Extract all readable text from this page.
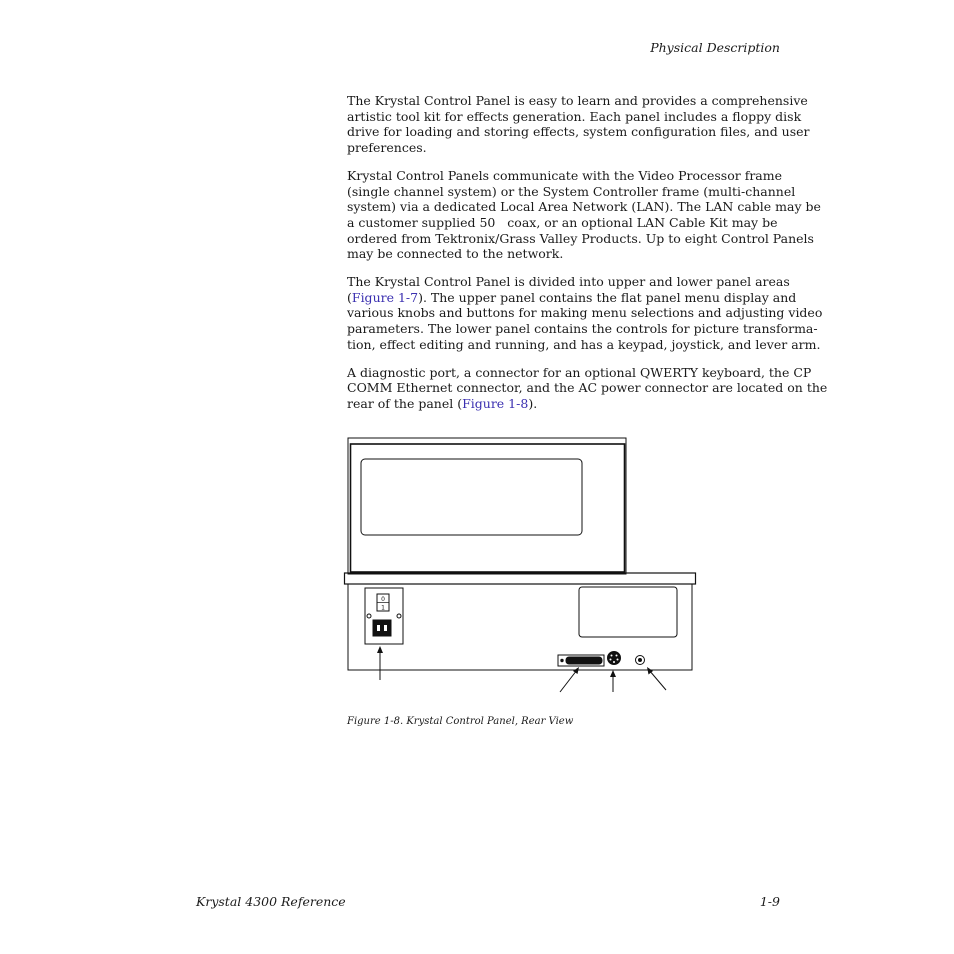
Physical Description

The Krystal Control Panel is easy to learn and provides a comprehensive
artistic tool kit for effects generation. Each panel includes a floppy disk
drive for loading and storing effects, system configuration files, and user
preferences.

Krystal Control Panels communicate with the Video Processor frame
(single channel system) or the System Controller frame (multi-channel
system) via a dedicated Local Area Network (LAN). The LAN cable may be
a customer supplied 50   coax, or an optional LAN Cable Kit may be
ordered from Tektronix/Grass Valley Products. Up to eight Control Panels
may be connected to the network.

The Krystal Control Panel is divided into upper and lower panel areas
(Figure 1-7). The upper panel contains the flat panel menu display and
various knobs and buttons for making menu selections and adjusting video
parameters. The lower panel contains the controls for picture transforma-
tion, effect editing and running, and has a keypad, joystick, and lever arm.

A diagnostic port, a connector for an optional QWERTY keyboard, the CP
COMM Ethernet connector, and the AC power connector are located on the
rear of the panel (Figure 1-8).

0
1
Figure 1-8. Krystal Control Panel, Rear View
Krystal 4300 Reference	1-9
